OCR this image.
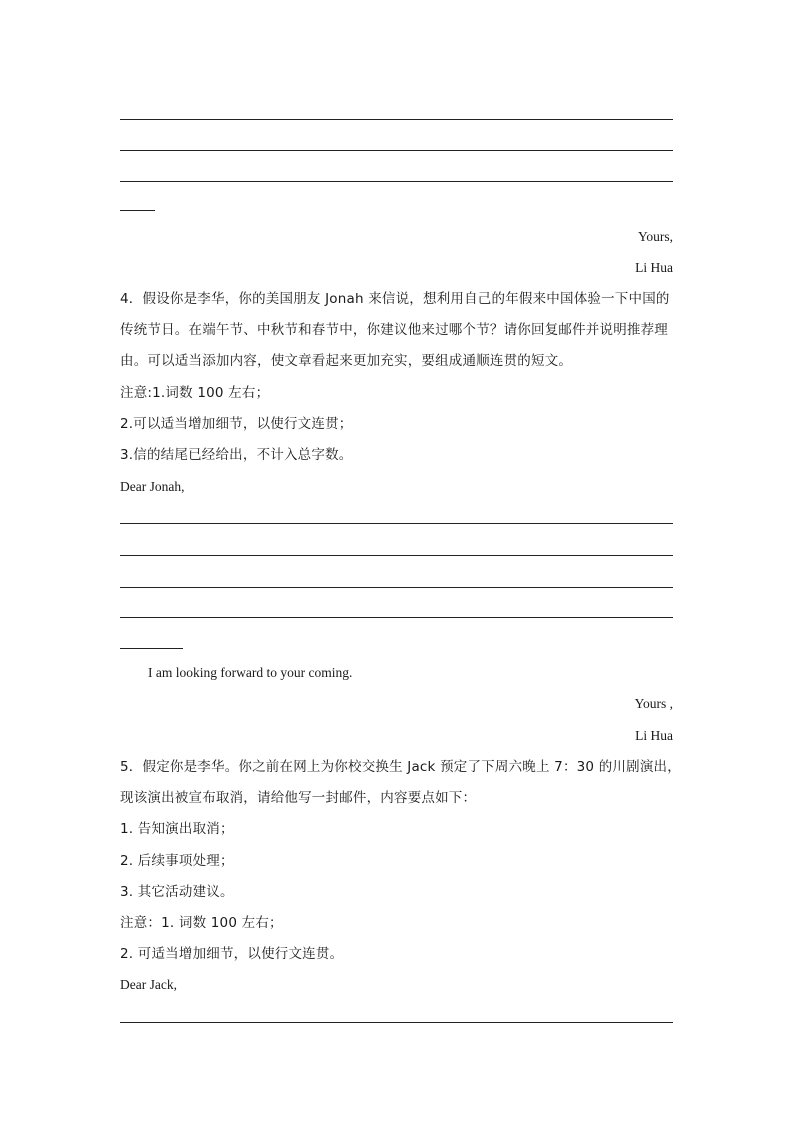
Yours,
Li Hua
4．假设你是李华，你的美国朋友 Jonah 来信说，想利用自己的年假来中国体验一下中国的
传统节日。在端午节、中秋节和春节中，你建议他来过哪个节？请你回复邮件并说明推荐理
由。可以适当添加内容，使文章看起来更加充实，要组成通顺连贯的短文。
注意:1.词数 100 左右；
2.可以适当增加细节，以使行文连贯；
3.信的结尾已经给出，不计入总字数。
Dear Jonah,
I am looking forward to your coming.
Yours ,
Li Hua
5．假定你是李华。你之前在网上为你校交换生 Jack 预定了下周六晚上 7：30 的川剧演出，
现该演出被宣布取消，请给他写一封邮件，内容要点如下：
1. 告知演出取消；
2. 后续事项处理；
3. 其它活动建议。
注意：1. 词数 100 左右；
2. 可适当增加细节，以使行文连贯。
Dear Jack,
